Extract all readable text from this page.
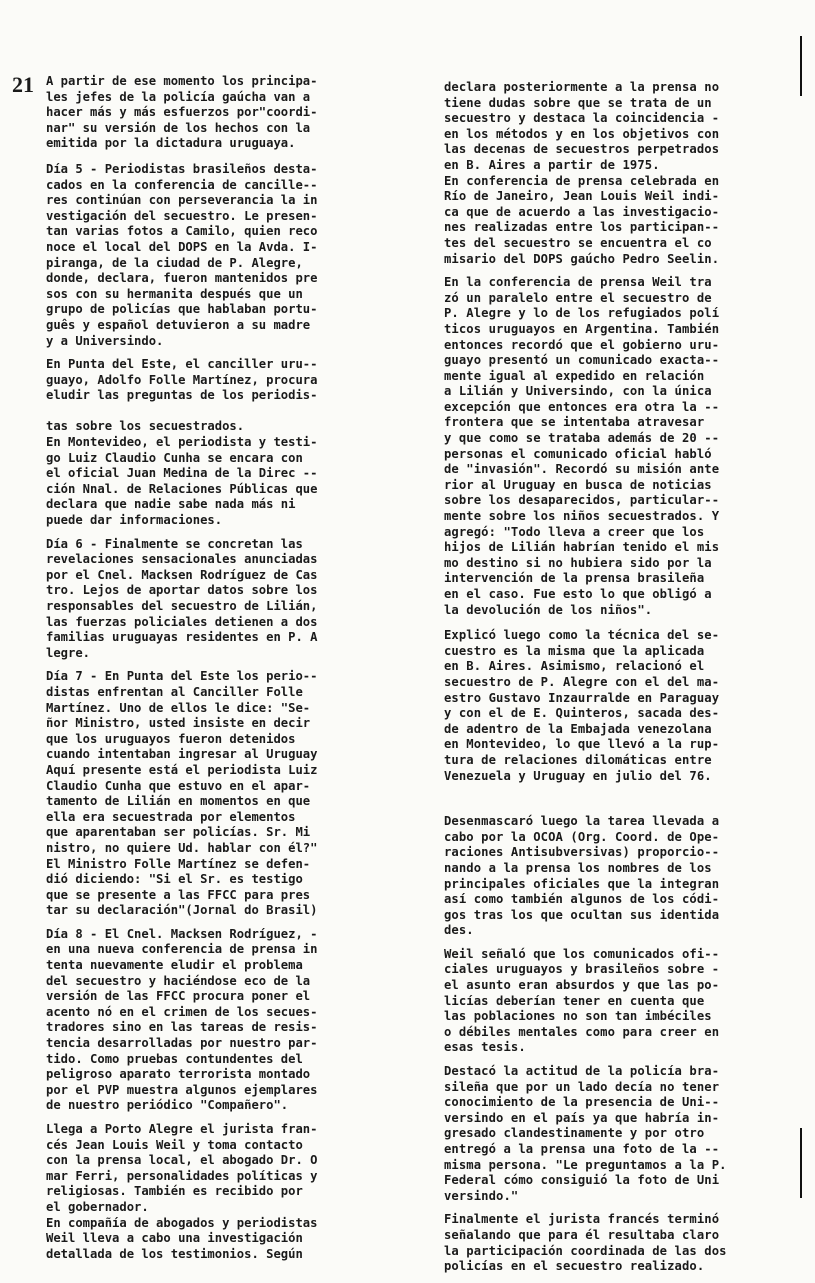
21 A partir de ese momento los principa-
les jefes de la policía gaúcha van a
hacer más y más esfuerzos por"coordi-
nar" su versión de los hechos con la
emitida por la dictadura uruguaya.

Día 5 - Periodistas brasileños desta-
cados en la conferencia de cancille--
res continúan con perseverancia la in
vestigación del secuestro. Le presen-
tan varias fotos a Camilo, quien reco
noce el local del DOPS en la Avda. I-
piranga, de la ciudad de P. Alegre,
donde, declara, fueron mantenidos pre
sos con su hermanita después que un
grupo de policías que hablaban portu-
guês y español detuvieron a su madre
y a Universindo.

En Punta del Este, el canciller uru--
guayo, Adolfo Folle Martínez, procura
eludir las preguntas de los periodis-

tas sobre los secuestrados.
En Montevideo, el periodista y testi-
go Luiz Claudio Cunha se encara con
el oficial Juan Medina de la Direc --
ción Nnal. de Relaciones Públicas que
declara que nadie sabe nada más ni
puede dar informaciones.

Día 6 - Finalmente se concretan las
revelaciones sensacionales anunciadas
por el Cnel. Macksen Rodríguez de Cas
tro. Lejos de aportar datos sobre los
responsables del secuestro de Lilián,
las fuerzas policiales detienen a dos
familias uruguayas residentes en P. A
legre.

Día 7 - En Punta del Este los perio--
distas enfrentan al Canciller Folle
Martínez. Uno de ellos le dice: "Se-
ñor Ministro, usted insiste en decir
que los uruguayos fueron detenidos
cuando intentaban ingresar al Uruguay
Aquí presente está el periodista Luiz
Claudio Cunha que estuvo en el apar-
tamento de Lilián en momentos en que
ella era secuestrada por elementos
que aparentaban ser policías. Sr. Mi
nistro, no quiere Ud. hablar con él?"
El Ministro Folle Martínez se defen-
dió diciendo: "Si el Sr. es testigo
que se presente a las FFCC para pres
tar su declaración"(Jornal do Brasil)

Día 8 - El Cnel. Macksen Rodríguez, -
en una nueva conferencia de prensa in
tenta nuevamente eludir el problema
del secuestro y haciéndose eco de la
versión de las FFCC procura poner el
acento nó en el crimen de los secues-
tradores sino en las tareas de resis-
tencia desarrolladas por nuestro par-
tido. Como pruebas contundentes del
peligroso aparato terrorista montado
por el PVP muestra algunos ejemplares
de nuestro periódico "Compañero".

Llega a Porto Alegre el jurista fran-
cés Jean Louis Weil y toma contacto
con la prensa local, el abogado Dr. O
mar Ferri, personalidades políticas y
religiosas. También es recibido por
el gobernador.
En compañía de abogados y periodistas
Weil lleva a cabo una investigación
detallada de los testimonios. Según

declara posteriormente a la prensa no
tiene dudas sobre que se trata de un
secuestro y destaca la coincidencia -
en los métodos y en los objetivos con
las decenas de secuestros perpetrados
en B. Aires a partir de 1975.
En conferencia de prensa celebrada en
Río de Janeiro, Jean Louis Weil indi-
ca que de acuerdo a las investigacio-
nes realizadas entre los participan--
tes del secuestro se encuentra el co
misario del DOPS gaúcho Pedro Seelin.

En la conferencia de prensa Weil tra
zó un paralelo entre el secuestro de
P. Alegre y lo de los refugiados polí
ticos uruguayos en Argentina. También
entonces recordó que el gobierno uru-
guayo presentó un comunicado exacta--
mente igual al expedido en relación
a Lilián y Universindo, con la única
excepción que entonces era otra la --
frontera que se intentaba atravesar
y que como se trataba además de 20 --
personas el comunicado oficial habló
de "invasión". Recordó su misión ante
rior al Uruguay en busca de noticias
sobre los desaparecidos, particular--
mente sobre los niños secuestrados. Y
agregó: "Todo lleva a creer que los
hijos de Lilián habrían tenido el mis
mo destino si no hubiera sido por la
intervención de la prensa brasileña
en el caso. Fue esto lo que obligó a
la devolución de los niños".

Explicó luego como la técnica del se-
cuestro es la misma que la aplicada
en B. Aires. Asimismo, relacionó el
secuestro de P. Alegre con el del ma-
estro Gustavo Inzaurralde en Paraguay
y con el de E. Quinteros, sacada des-
de adentro de la Embajada venezolana
en Montevideo, lo que llevó a la rup-
tura de relaciones dilomáticas entre
Venezuela y Uruguay en julio del 76.

Desenmascaró luego la tarea llevada a
cabo por la OCOA (Org. Coord. de Ope-
raciones Antisubversivas) proporcio--
nando a la prensa los nombres de los
principales oficiales que la integran
así como también algunos de los códi-
gos tras los que ocultan sus identida
des.

Weil señaló que los comunicados ofi--
ciales uruguayos y brasileños sobre -
el asunto eran absurdos y que las po-
licías deberían tener en cuenta que
las poblaciones no son tan imbéciles
o débiles mentales como para creer en
esas tesis.

Destacó la actitud de la policía bra-
sileña que por un lado decía no tener
conocimiento de la presencia de Uni--
versindo en el país ya que habría in-
gresado clandestinamente y por otro
entregó a la prensa una foto de la --
misma persona. "Le preguntamos a la P.
Federal cómo consiguió la foto de Uni
versindo."

Finalmente el jurista francés terminó
señalando que para él resultaba claro
la participación coordinada de las dos
policías en el secuestro realizado.
